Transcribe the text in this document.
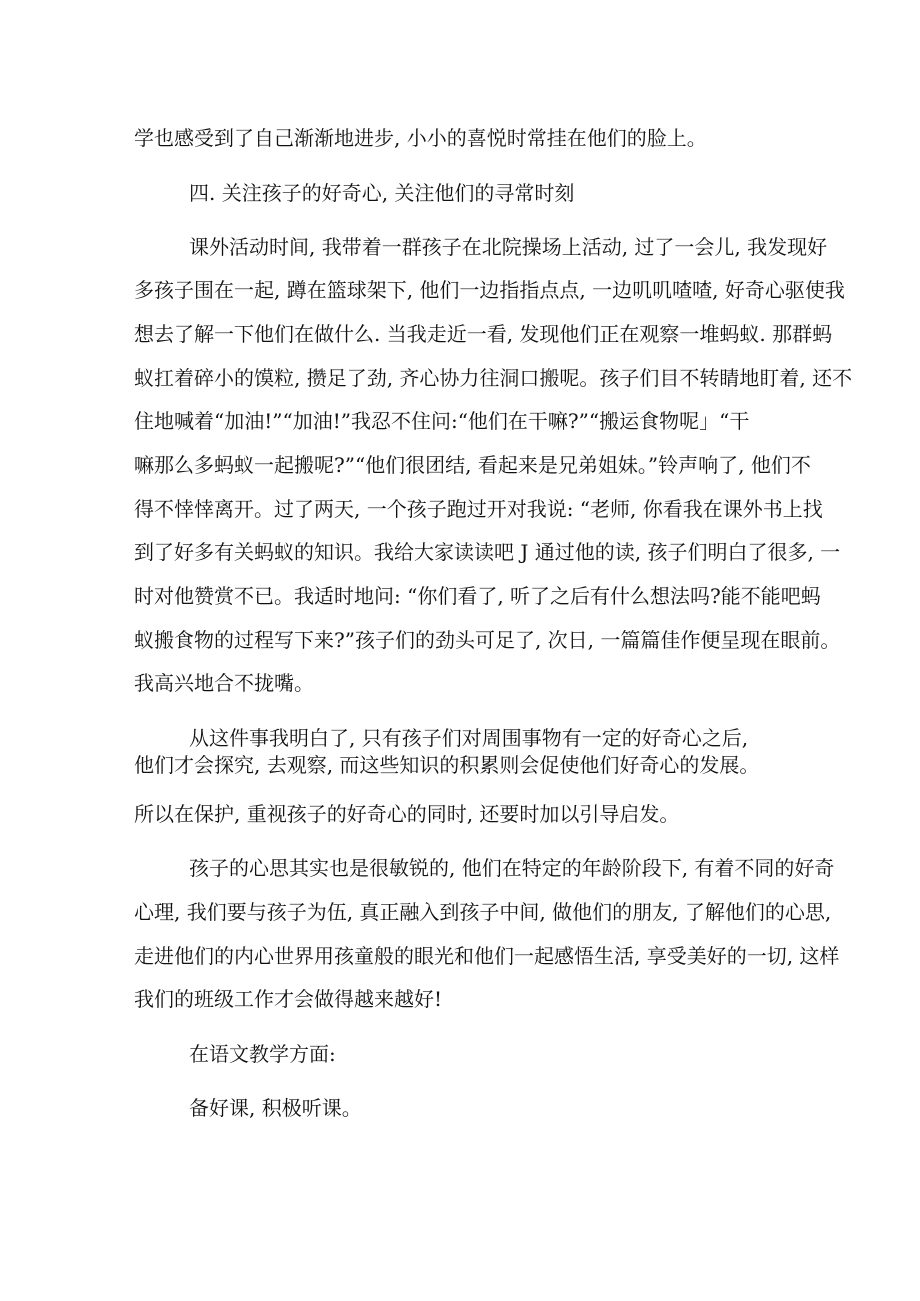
学也感受到了自己渐渐地进步, 小小的喜悦时常挂在他们的脸上。
四. 关注孩子的好奇心, 关注他们的寻常时刻
课外活动时间, 我带着一群孩子在北院操场上活动, 过了一会儿, 我发现好
多孩子围在一起, 蹲在篮球架下, 他们一边指指点点, 一边叽叽喳喳, 好奇心驱使我
想去了解一下他们在做什么. 当我走近一看, 发现他们正在观察一堆蚂蚁. 那群蚂
蚁扛着碎小的馍粒, 攒足了劲, 齐心协力往洞口搬呢。孩子们目不转睛地盯着, 还不
住地喊着“加油!”“加油!”我忍不住问:“他们在干嘛?”“搬运食物呢」“干
嘛那么多蚂蚁一起搬呢?”“他们很团结, 看起来是兄弟姐妹。”铃声响了, 他们不
得不悻悻离开。过了两天, 一个孩子跑过开对我说: “老师, 你看我在课外书上找
到了好多有关蚂蚁的知识。我给大家读读吧 J 通过他的读, 孩子们明白了很多, 一
时对他赞赏不已。我适时地问: “你们看了, 听了之后有什么想法吗?能不能吧蚂
蚁搬食物的过程写下来?”孩子们的劲头可足了, 次日, 一篇篇佳作便呈现在眼前。
我高兴地合不拢嘴。
从这件事我明白了, 只有孩子们对周围事物有一定的好奇心之后,
他们才会探究, 去观察, 而这些知识的积累则会促使他们好奇心的发展。
所以在保护, 重视孩子的好奇心的同时, 还要时加以引导启发。
孩子的心思其实也是很敏锐的, 他们在特定的年龄阶段下, 有着不同的好奇
心理, 我们要与孩子为伍, 真正融入到孩子中间, 做他们的朋友, 了解他们的心思,
走进他们的内心世界用孩童般的眼光和他们一起感悟生活, 享受美好的一切, 这样
我们的班级工作才会做得越来越好!
在语文教学方面:
备好课, 积极听课。
